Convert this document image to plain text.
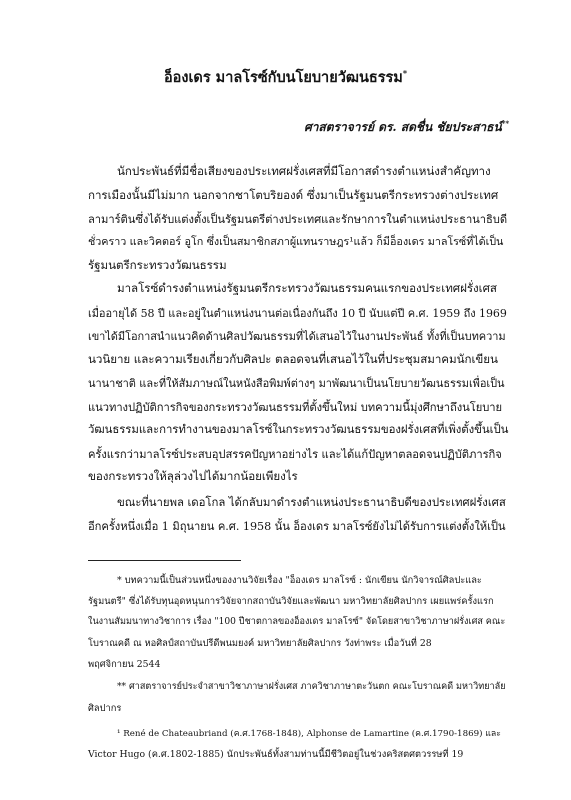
อ็องเดร มาลโรซ์กับนโยบายวัฒนธรรม*
ศาสตราจารย์ ดร. สดชื่น ชัยประสาธน์**
นักประพันธ์ที่มีชื่อเสียงของประเทศฝรั่งเศสที่มีโอกาสดำรงตำแหน่งสำคัญทาง
การเมืองนั้นมีไม่มาก นอกจากชาโตบริยองด์ ซึ่งมาเป็นรัฐมนตรีกระทรวงต่างประเทศ
ลามาร์ตินซึ่งได้รับแต่งตั้งเป็นรัฐมนตรีต่างประเทศและรักษาการในตำแหน่งประธานาธิบดี
ชั่วคราว และวิคตอร์ อูโก ซึ่งเป็นสมาชิกสภาผู้แทนราษฎร¹แล้ว ก็มีอ็องเดร มาลโรซ์ที่ได้เป็น
รัฐมนตรีกระทรวงวัฒนธรรม
มาลโรซ์ดำรงตำแหน่งรัฐมนตรีกระทรวงวัฒนธรรมคนแรกของประเทศฝรั่งเศส
เมื่ออายุได้ 58 ปี และอยู่ในตำแหน่งนานต่อเนื่องกันถึง 10 ปี นับแต่ปี ค.ศ. 1959 ถึง 1969
เขาได้มีโอกาสนำแนวคิดด้านศิลปวัฒนธรรมที่ได้เสนอไว้ในงานประพันธ์ ทั้งที่เป็นบทความ
นวนิยาย และความเรียงเกี่ยวกับศิลปะ ตลอดจนที่เสนอไว้ในที่ประชุมสมาคมนักเขียน
นานาชาติ และที่ให้สัมภาษณ์ในหนังสือพิมพ์ต่างๆ มาพัฒนาเป็นนโยบายวัฒนธรรมเพื่อเป็น
แนวทางปฏิบัติการกิจของกระทรวงวัฒนธรรมที่ตั้งขึ้นใหม่ บทความนี้มุ่งศึกษาถึงนโยบาย
วัฒนธรรมและการทำงานของมาลโรซ์ในกระทรวงวัฒนธรรมของฝรั่งเศสที่เพิ่งตั้งขึ้นเป็น
ครั้งแรกว่ามาลโรซ์ประสบอุปสรรคปัญหาอย่างไร และได้แก้ปัญหาตลอดจนปฏิบัติภารกิจ
ของกระทรวงให้ลุล่วงไปได้มากน้อยเพียงไร
ขณะที่นายพล เดอโกล ได้กลับมาดำรงตำแหน่งประธานาธิบดีของประเทศฝรั่งเศส
อีกครั้งหนึ่งเมื่อ 1 มิถุนายน ค.ศ. 1958 นั้น อ็องเดร มาลโรซ์ยังไม่ได้รับการแต่งตั้งให้เป็น
* บทความนี้เป็นส่วนหนึ่งของงานวิจัยเรื่อง "อ็องเดร มาลโรซ์ : นักเขียน นักวิจารณ์ศิลปะและ
รัฐมนตรี" ซึ่งได้รับทุนอุดหนุนการวิจัยจากสถาบันวิจัยและพัฒนา มหาวิทยาลัยศิลปากร เผยแพร่ครั้งแรก
ในงานสัมมนาทางวิชาการ เรื่อง "100 ปีชาตกาลของอ็องเดร มาลโรซ์" จัดโดยสาขาวิชาภาษาฝรั่งเศส คณะ
โบราณคดี ณ หอศิลป์สถาบันปรีดีพนมยงค์ มหาวิทยาลัยศิลปากร วังท่าพระ เมื่อวันที่ 28
พฤศจิกายน 2544
** ศาสตราจารย์ประจำสาขาวิชาภาษาฝรั่งเศส ภาควิชาภาษาตะวันตก คณะโบราณคดี มหาวิทยาลัย
ศิลปากร
¹ René de Chateaubriand (ค.ศ.1768-1848), Alphonse de Lamartine (ค.ศ.1790-1869) และ
Victor Hugo (ค.ศ.1802-1885) นักประพันธ์ทั้งสามท่านนี้มีชีวิตอยู่ในช่วงคริสตศตวรรษที่ 19
